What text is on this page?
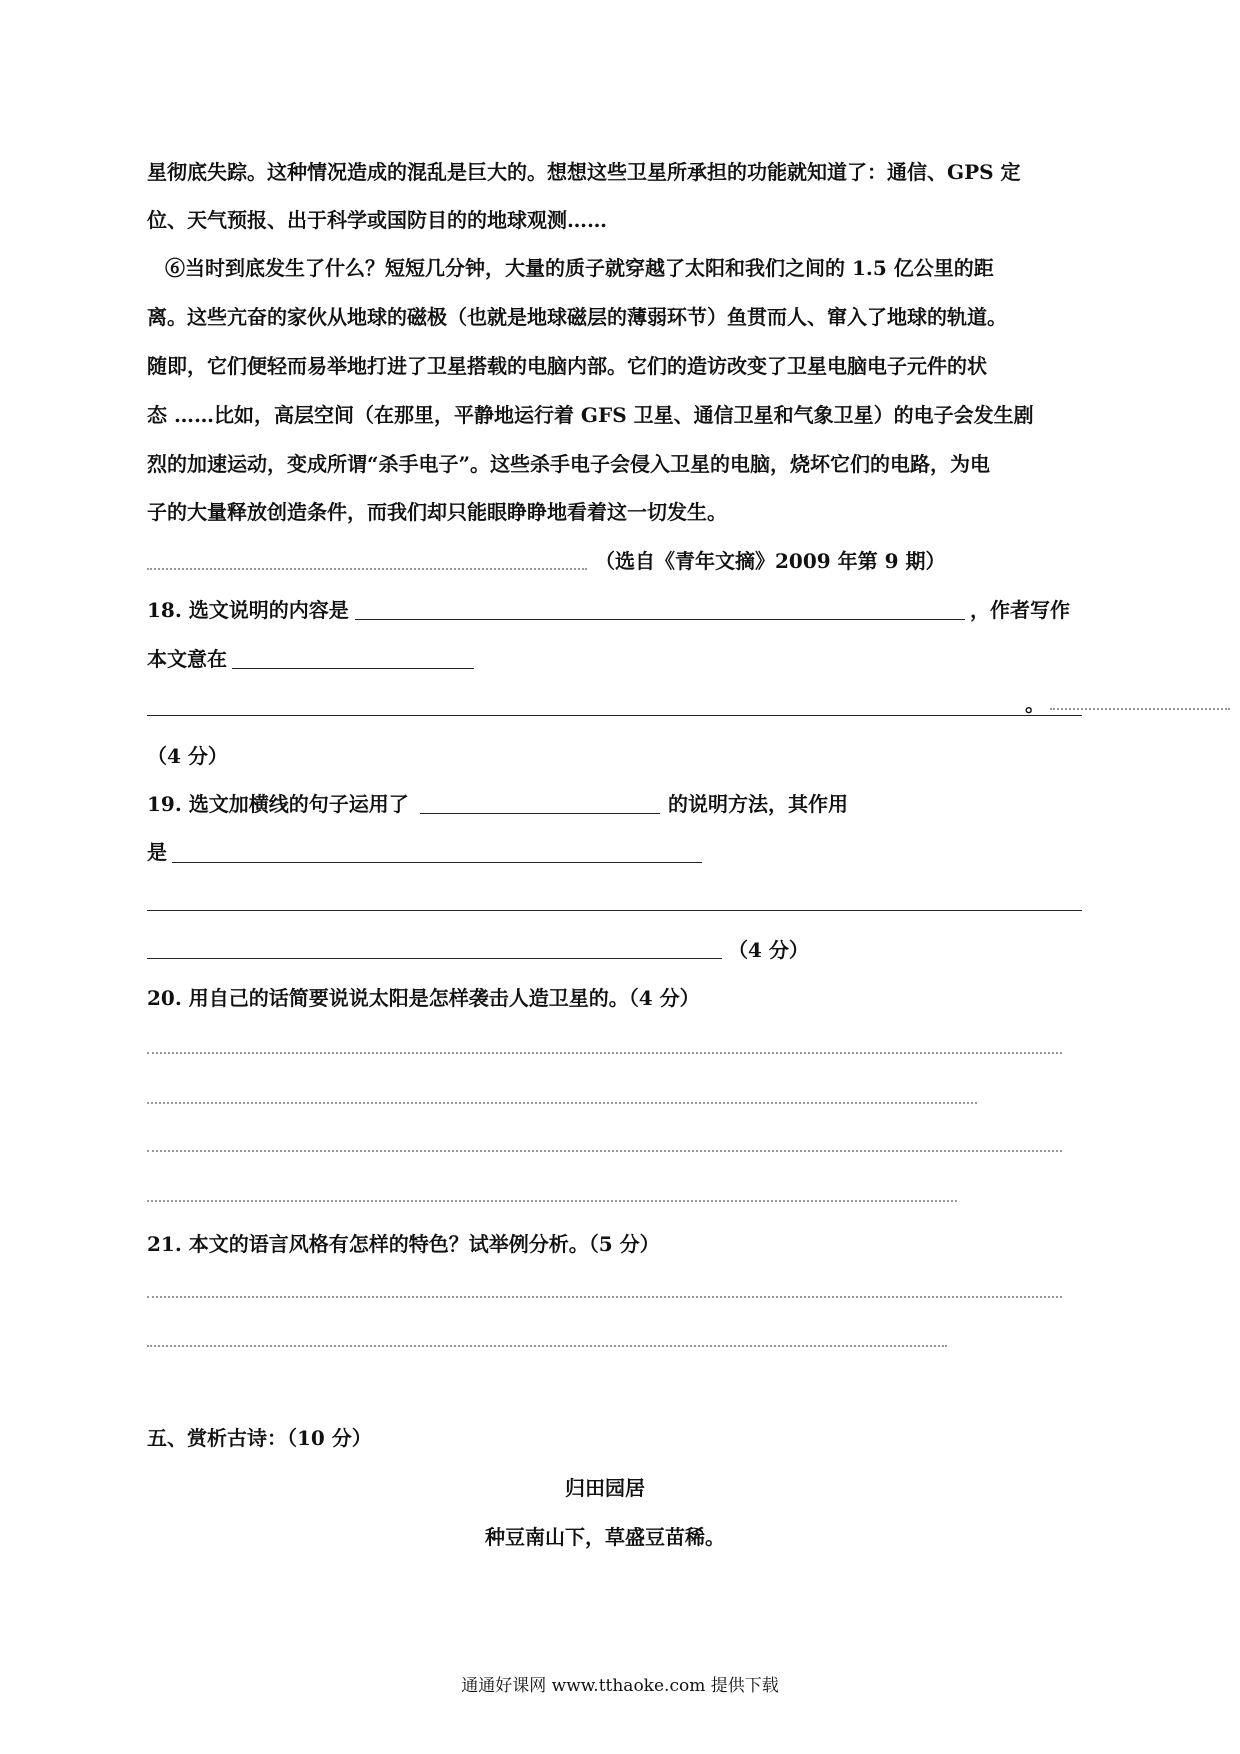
星彻底失踪。这种情况造成的混乱是巨大的。想想这些卫星所承担的功能就知道了：通信、GPS 定
位、天气预报、出于科学或国防目的的地球观测……
⑥当时到底发生了什么？短短几分钟，大量的质子就穿越了太阳和我们之间的 1.5 亿公里的距
离。这些亢奋的家伙从地球的磁极（也就是地球磁层的薄弱环节）鱼贯而人、窜入了地球的轨道。
随即，它们便轻而易举地打进了卫星搭载的电脑内部。它们的造访改变了卫星电脑电子元件的状
态 ……比如，高层空间（在那里，平静地运行着 GFS 卫星、通信卫星和气象卫星）的电子会发生剧
烈的加速运动，变成所谓“杀手电子”。这些杀手电子会侵入卫星的电脑，烧坏它们的电路，为电
子的大量释放创造条件，而我们却只能眼睁睁地看着这一切发生。
（选自《青年文摘》2009 年第 9 期）
18. 选文说明的内容是	，作者写作
本文意在
。
（4 分）
19. 选文加横线的句子运用了	的说明方法，其作用
是
（4 分）
20. 用自己的话简要说说太阳是怎样袭击人造卫星的。（4 分）
21. 本文的语言风格有怎样的特色？试举例分析。（5 分）
五、赏析古诗：（10 分）
归田园居
种豆南山下，草盛豆苗稀。
通通好课网 www.tthaoke.com 提供下载
